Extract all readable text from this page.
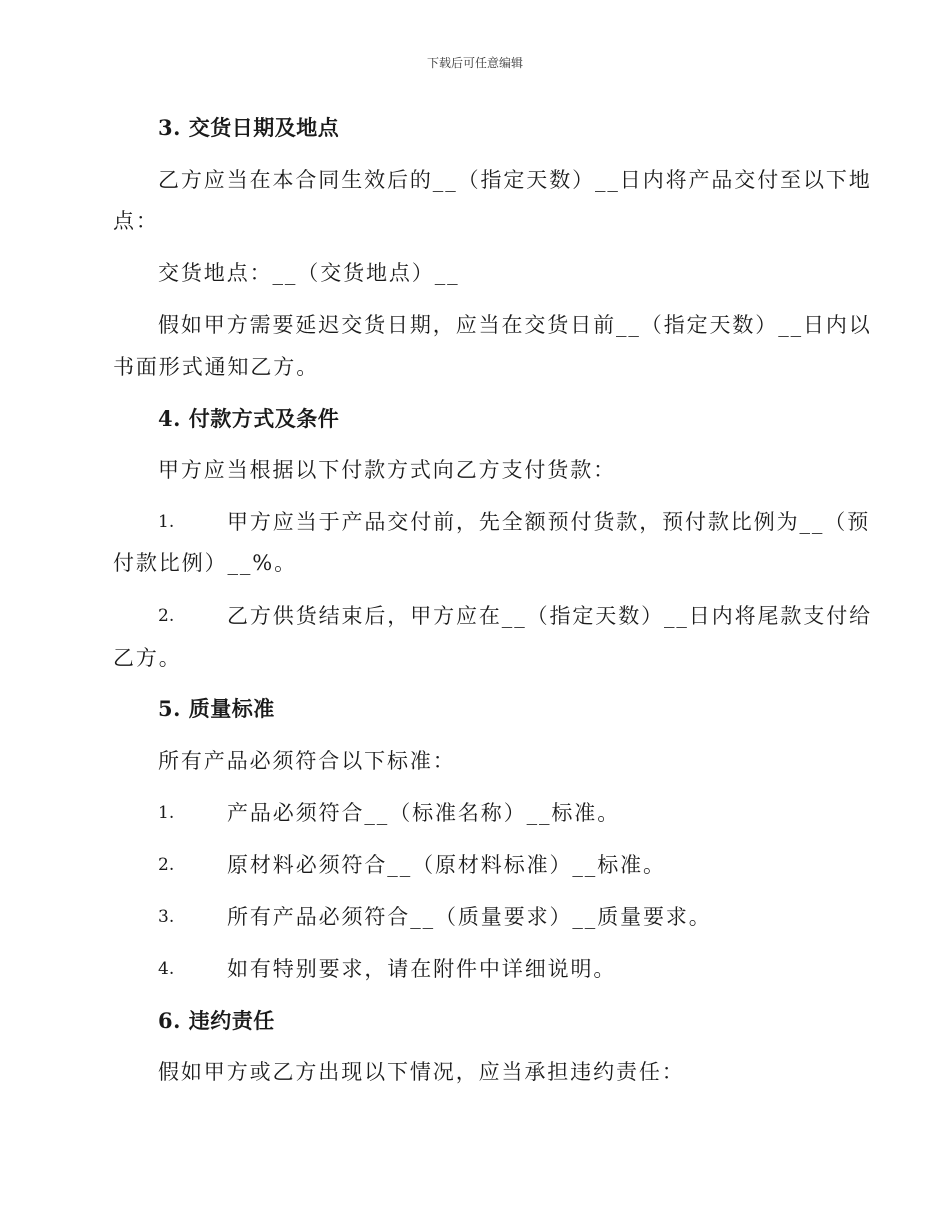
下载后可任意编辑
3. 交货日期及地点
乙方应当在本合同生效后的__（指定天数）__日内将产品交付至以下地
点：
交货地点：__（交货地点）__
假如甲方需要延迟交货日期，应当在交货日前__（指定天数）__日内以
书面形式通知乙方。
4. 付款方式及条件
甲方应当根据以下付款方式向乙方支付货款：
1.	甲方应当于产品交付前，先全额预付货款，预付款比例为__（预
付款比例）__%。
2.	乙方供货结束后，甲方应在__（指定天数）__日内将尾款支付给
乙方。
5. 质量标准
所有产品必须符合以下标准：
1.	产品必须符合__（标准名称）__标准。
2.	原材料必须符合__（原材料标准）__标准。
3.	所有产品必须符合__（质量要求）__质量要求。
4.	如有特别要求，请在附件中详细说明。
6. 违约责任
假如甲方或乙方出现以下情况，应当承担违约责任：
